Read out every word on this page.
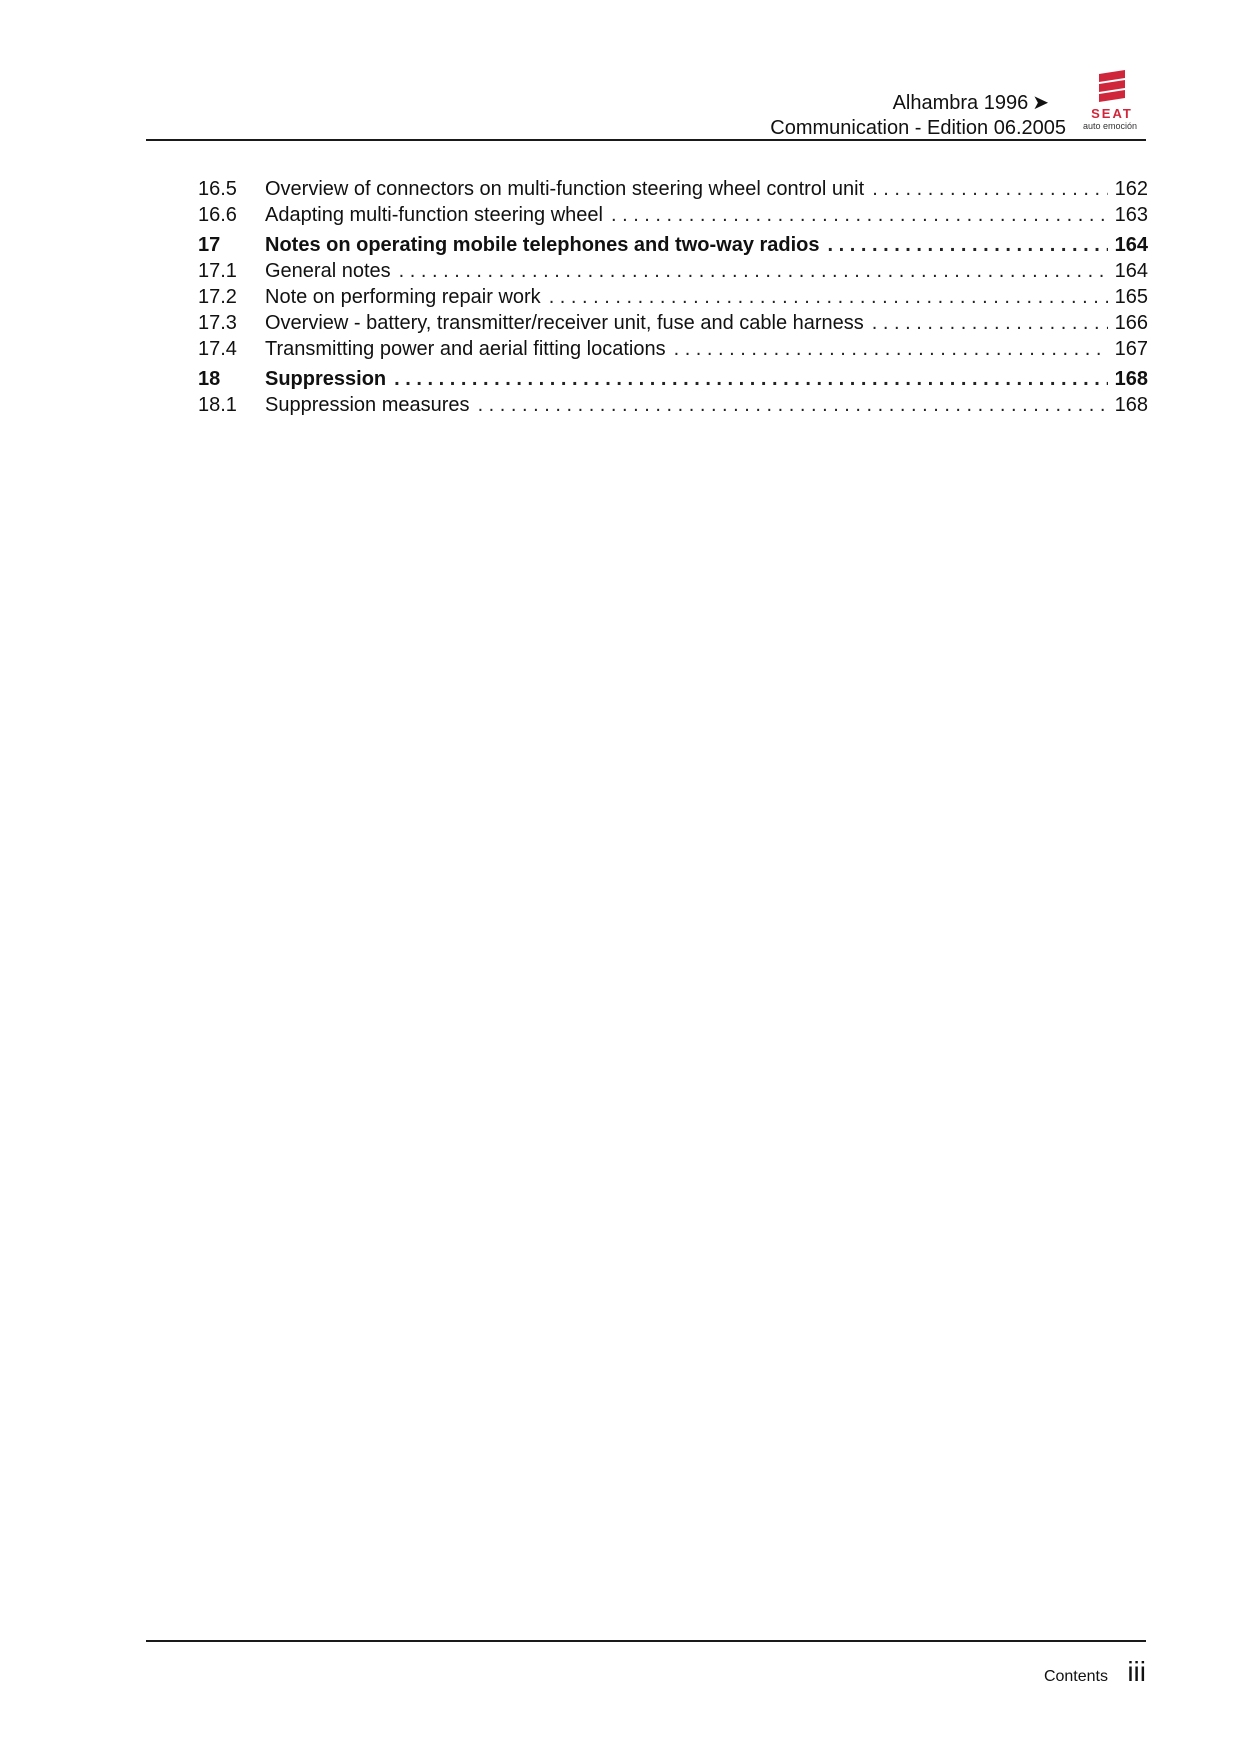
Alhambra 1996 ➤
Communication - Edition 06.2005
SEAT
auto emoción
16.5	Overview of connectors on multi-function steering wheel control unit . . .	162
16.6	Adapting multi-function steering wheel . . .	163
17	Notes on operating mobile telephones and two-way radios . . .	164
17.1	General notes . . .	164
17.2	Note on performing repair work . . .	165
17.3	Overview - battery, transmitter/receiver unit, fuse and cable harness . . .	166
17.4	Transmitting power and aerial fitting locations . . .	167
18	Suppression . . .	168
18.1	Suppression measures . . .	168
Contents iii
